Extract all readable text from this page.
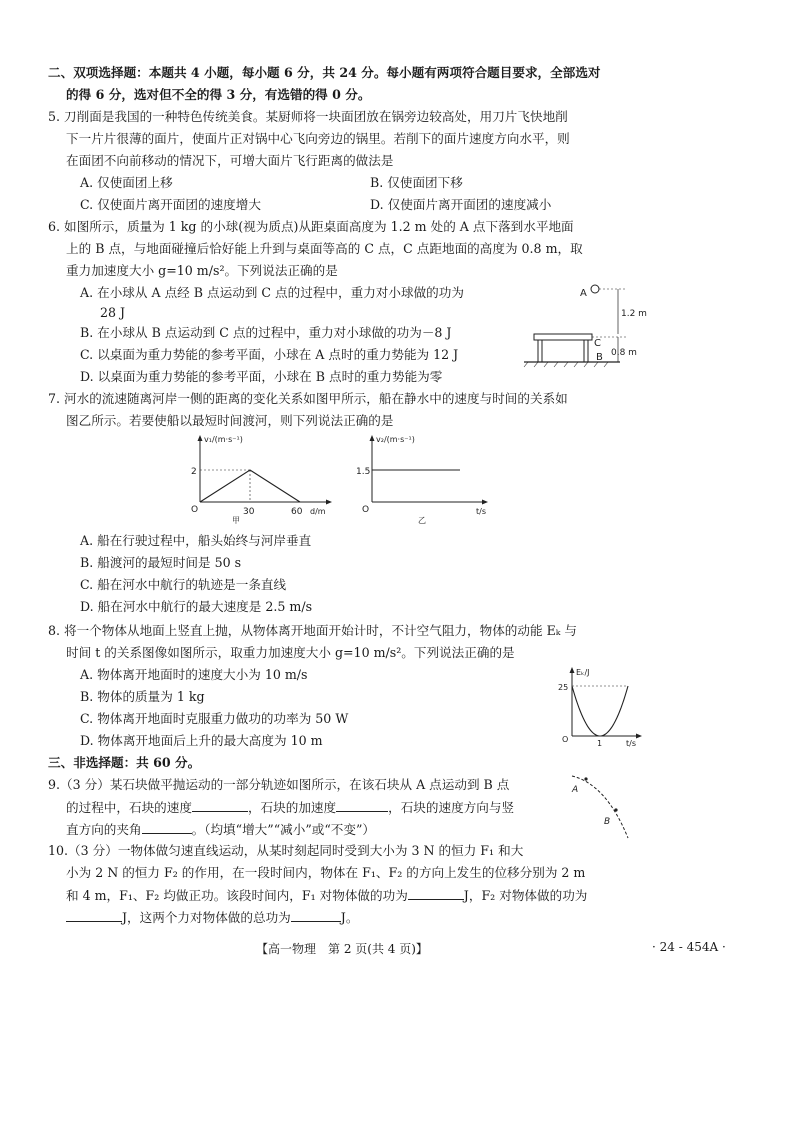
二、双项选择题：本题共 4 小题，每小题 6 分，共 24 分。每小题有两项符合题目要求，全部选对
的得 6 分，选对但不全的得 3 分，有选错的得 0 分。
5. 刀削面是我国的一种特色传统美食。某厨师将一块面团放在锅旁边较高处，用刀片飞快地削
下一片片很薄的面片，使面片正对锅中心飞向旁边的锅里。若削下的面片速度方向水平，则
在面团不向前移动的情况下，可增大面片飞行距离的做法是
A. 仅使面团上移	B. 仅使面团下移
C. 仅使面片离开面团的速度增大	D. 仅使面片离开面团的速度减小
6. 如图所示，质量为 1 kg 的小球(视为质点)从距桌面高度为 1.2 m 处的 A 点下落到水平地面
上的 B 点，与地面碰撞后恰好能上升到与桌面等高的 C 点，C 点距地面的高度为 0.8 m，取
重力加速度大小 g=10 m/s²。下列说法正确的是
A. 在小球从 A 点经 B 点运动到 C 点的过程中，重力对小球做的功为
28 J
B. 在小球从 B 点运动到 C 点的过程中，重力对小球做的功为－8 J
C. 以桌面为重力势能的参考平面，小球在 A 点时的重力势能为 12 J
D. 以桌面为重力势能的参考平面，小球在 B 点时的重力势能为零
A
1.2 m
C
0.8 m
B
7. 河水的流速随离河岸一侧的距离的变化关系如图甲所示，船在静水中的速度与时间的关系如
图乙所示。若要使船以最短时间渡河，则下列说法正确的是
v₁/(m·s⁻¹)
2
O	30	60 d/m
甲
v₂/(m·s⁻¹)
1.5
O	t/s
乙
A. 船在行驶过程中，船头始终与河岸垂直
B. 船渡河的最短时间是 50 s
C. 船在河水中航行的轨迹是一条直线
D. 船在河水中航行的最大速度是 2.5 m/s
8. 将一个物体从地面上竖直上抛，从物体离开地面开始计时，不计空气阻力，物体的动能 Eₖ 与
时间 t 的关系图像如图所示，取重力加速度大小 g=10 m/s²。下列说法正确的是
A. 物体离开地面时的速度大小为 10 m/s
B. 物体的质量为 1 kg
C. 物体离开地面时克服重力做功的功率为 50 W
D. 物体离开地面后上升的最大高度为 10 m
Eₖ/J
25
O	1	t/s
三、非选择题：共 60 分。
9.（3 分）某石块做平抛运动的一部分轨迹如图所示，在该石块从 A 点运动到 B 点
的过程中，石块的速度	，石块的加速度	，石块的速度方向与竖
直方向的夹角	。（均填“增大”“减小”或“不变”）
A
B
10.（3 分）一物体做匀速直线运动，从某时刻起同时受到大小为 3 N 的恒力 F₁ 和大
小为 2 N 的恒力 F₂ 的作用，在一段时间内，物体在 F₁、F₂ 的方向上发生的位移分别为 2 m
和 4 m，F₁、F₂ 均做正功。该段时间内，F₁ 对物体做的功为	J，F₂ 对物体做的功为
J，这两个力对物体做的总功为	J。
【高一物理　第 2 页(共 4 页)】	· 24 - 454A ·
